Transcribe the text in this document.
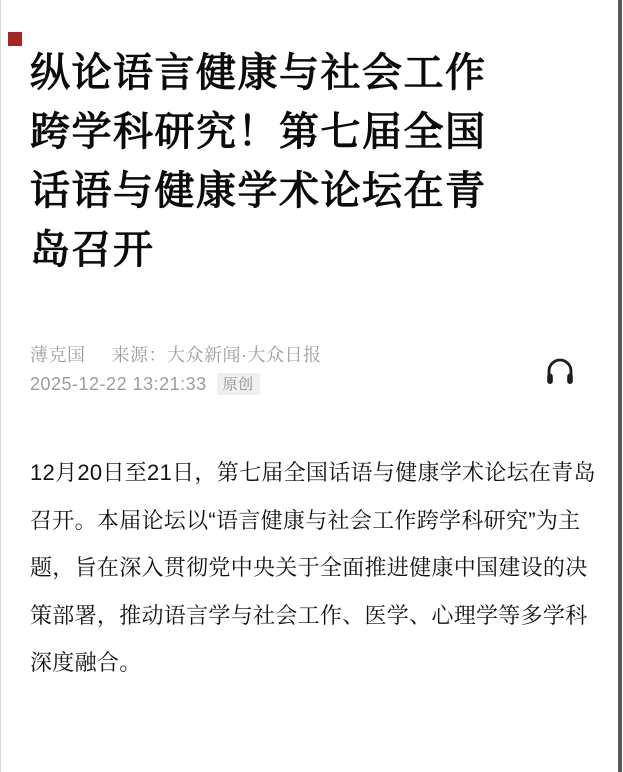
纵论语言健康与社会工作跨学科研究！第七届全国话语与健康学术论坛在青岛召开
薄克国 来源：大众新闻·大众日报
2025-12-22 13:21:33 原创

12月20日至21日，第七届全国话语与健康学术论坛在青岛召开。本届论坛以“语言健康与社会工作跨学科研究”为主题，旨在深入贯彻党中央关于全面推进健康中国建设的决策部署，推动语言学与社会工作、医学、心理学等多学科深度融合。
